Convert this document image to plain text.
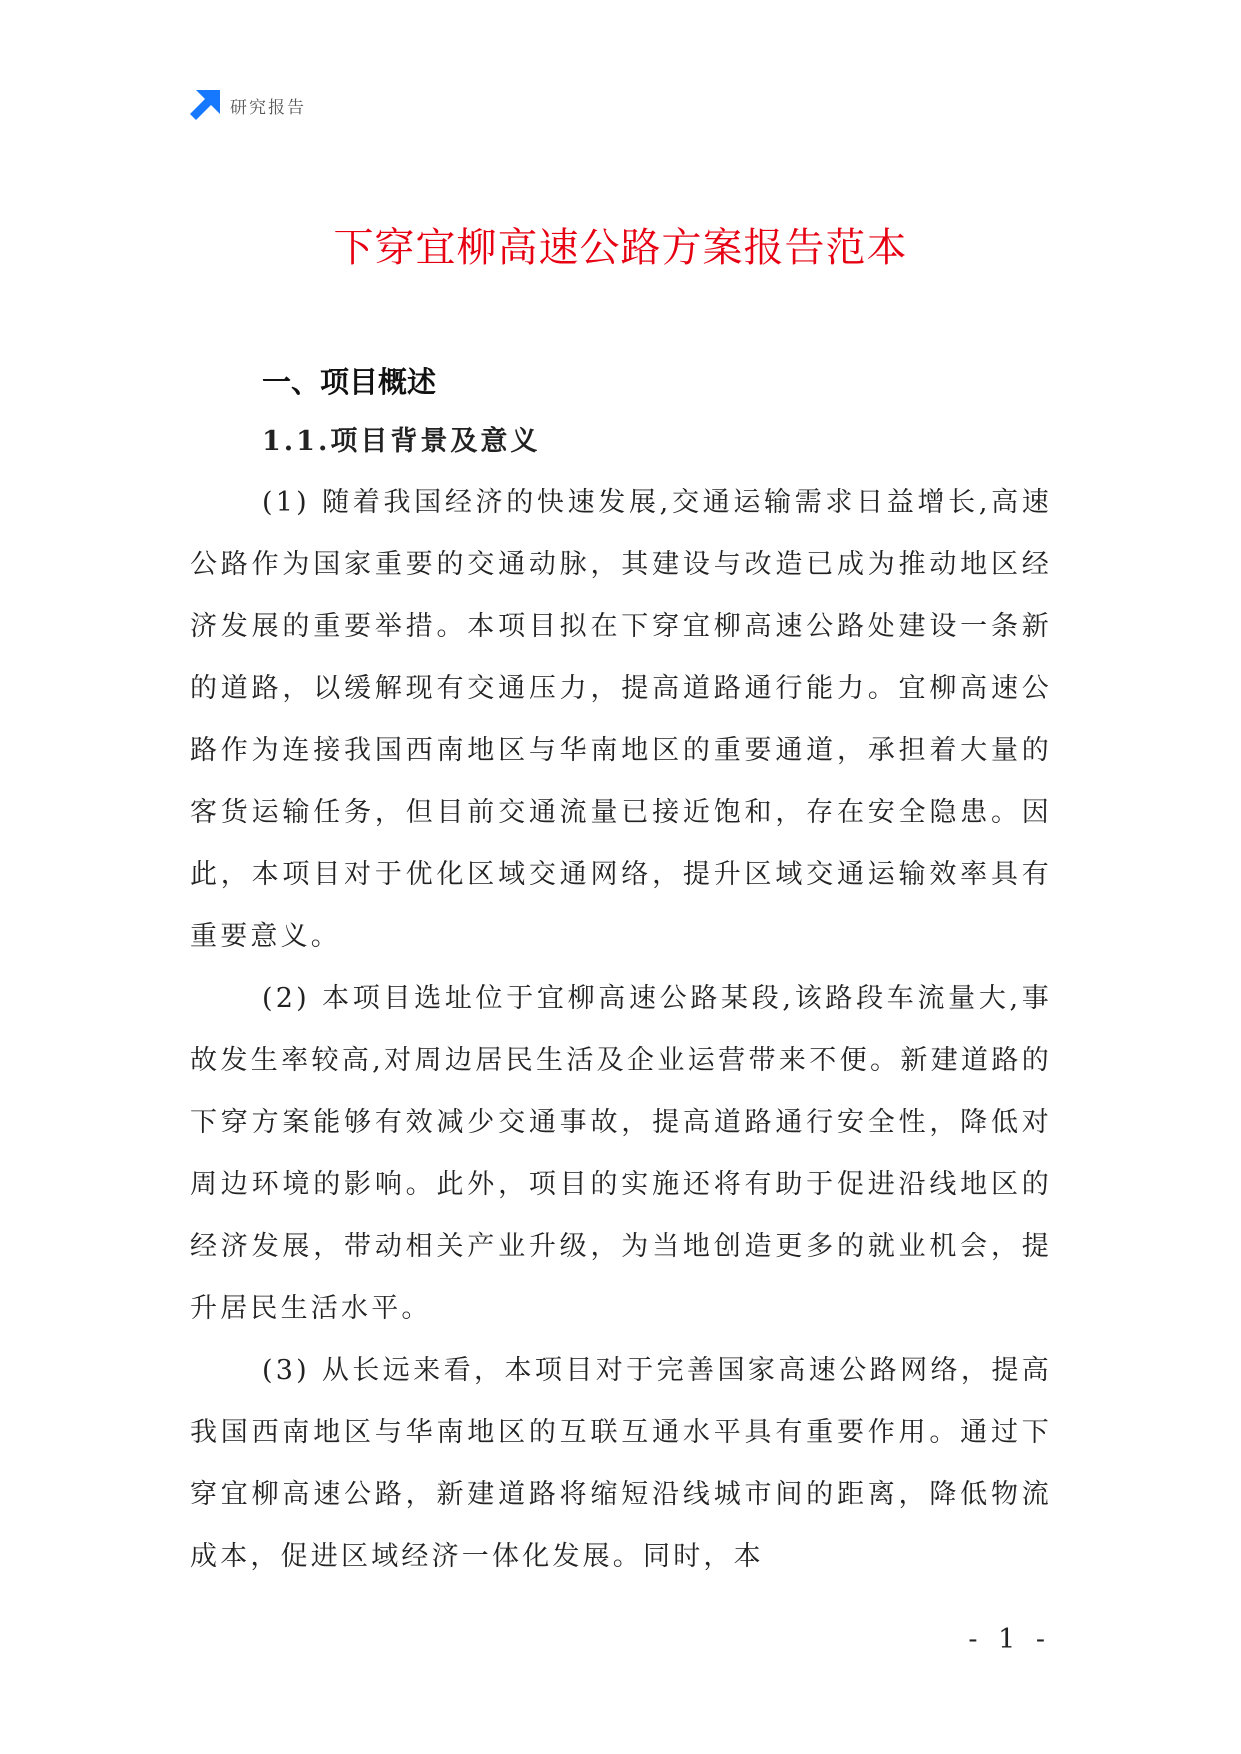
研究报告
下穿宜柳高速公路方案报告范本
一、项目概述
1.1.项目背景及意义

(1) 随着我国经济的快速发展,交通运输需求日益增长,高速公路作为国家重要的交通动脉，其建设与改造已成为推动地区经济发展的重要举措。本项目拟在下穿宜柳高速公路处建设一条新的道路，以缓解现有交通压力，提高道路通行能力。宜柳高速公路作为连接我国西南地区与华南地区的重要通道，承担着大量的客货运输任务，但目前交通流量已接近饱和，存在安全隐患。因此，本项目对于优化区域交通网络，提升区域交通运输效率具有重要意义。

(2) 本项目选址位于宜柳高速公路某段,该路段车流量大,事故发生率较高,对周边居民生活及企业运营带来不便。新建道路的下穿方案能够有效减少交通事故，提高道路通行安全性，降低对周边环境的影响。此外，项目的实施还将有助于促进沿线地区的经济发展，带动相关产业升级，为当地创造更多的就业机会，提升居民生活水平。

(3) 从长远来看，本项目对于完善国家高速公路网络，提高我国西南地区与华南地区的互联互通水平具有重要作用。通过下穿宜柳高速公路，新建道路将缩短沿线城市间的距离，降低物流成本，促进区域经济一体化发展。同时，本

- 1 -
